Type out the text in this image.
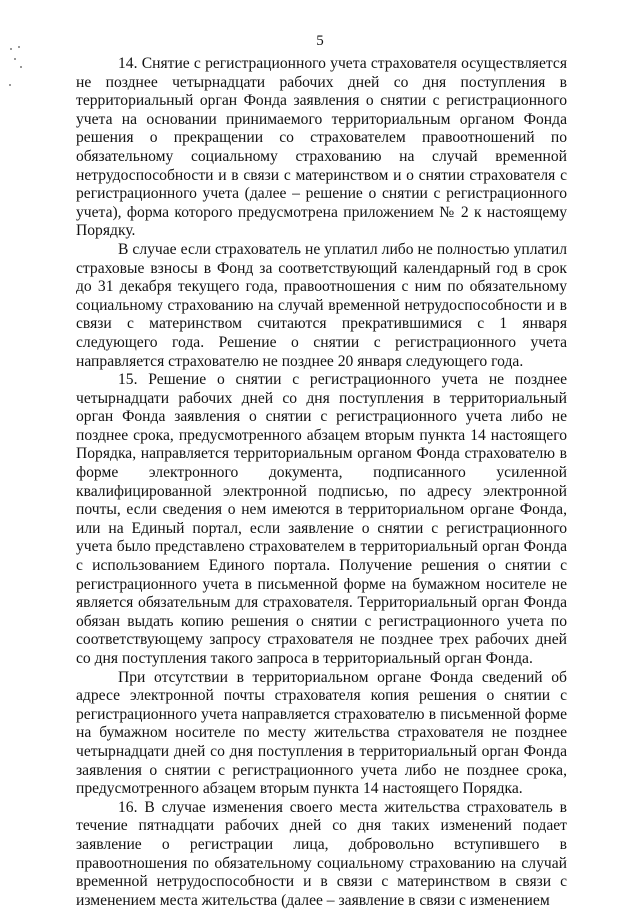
5

14. Снятие с регистрационного учета страхователя осуществляется не позднее четырнадцати рабочих дней со дня поступления в территориальный орган Фонда заявления о снятии с регистрационного учета на основании принимаемого территориальным органом Фонда решения о прекращении со страхователем правоотношений по обязательному социальному страхованию на случай временной нетрудоспособности и в связи с материнством и о снятии страхователя с регистрационного учета (далее – решение о снятии с регистрационного учета), форма которого предусмотрена приложением № 2 к настоящему Порядку.

В случае если страхователь не уплатил либо не полностью уплатил страховые взносы в Фонд за соответствующий календарный год в срок до 31 декабря текущего года, правоотношения с ним по обязательному социальному страхованию на случай временной нетрудоспособности и в связи с материнством считаются прекратившимися с 1 января следующего года. Решение о снятии с регистрационного учета направляется страхователю не позднее 20 января следующего года.

15. Решение о снятии с регистрационного учета не позднее четырнадцати рабочих дней со дня поступления в территориальный орган Фонда заявления о снятии с регистрационного учета либо не позднее срока, предусмотренного абзацем вторым пункта 14 настоящего Порядка, направляется территориальным органом Фонда страхователю в форме электронного документа, подписанного усиленной квалифицированной электронной подписью, по адресу электронной почты, если сведения о нем имеются в территориальном органе Фонда, или на Единый портал, если заявление о снятии с регистрационного учета было представлено страхователем в территориальный орган Фонда с использованием Единого портала. Получение решения о снятии с регистрационного учета в письменной форме на бумажном носителе не является обязательным для страхователя. Территориальный орган Фонда обязан выдать копию решения о снятии с регистрационного учета по соответствующему запросу страхователя не позднее трех рабочих дней со дня поступления такого запроса в территориальный орган Фонда.

При отсутствии в территориальном органе Фонда сведений об адресе электронной почты страхователя копия решения о снятии с регистрационного учета направляется страхователю в письменной форме на бумажном носителе по месту жительства страхователя не позднее четырнадцати дней со дня поступления в территориальный орган Фонда заявления о снятии с регистрационного учета либо не позднее срока, предусмотренного абзацем вторым пункта 14 настоящего Порядка.

16. В случае изменения своего места жительства страхователь в течение пятнадцати рабочих дней со дня таких изменений подает заявление о регистрации лица, добровольно вступившего в правоотношения по обязательному социальному страхованию на случай временной нетрудоспособности и в связи с материнством в связи с изменением места жительства (далее – заявление в связи с изменением
